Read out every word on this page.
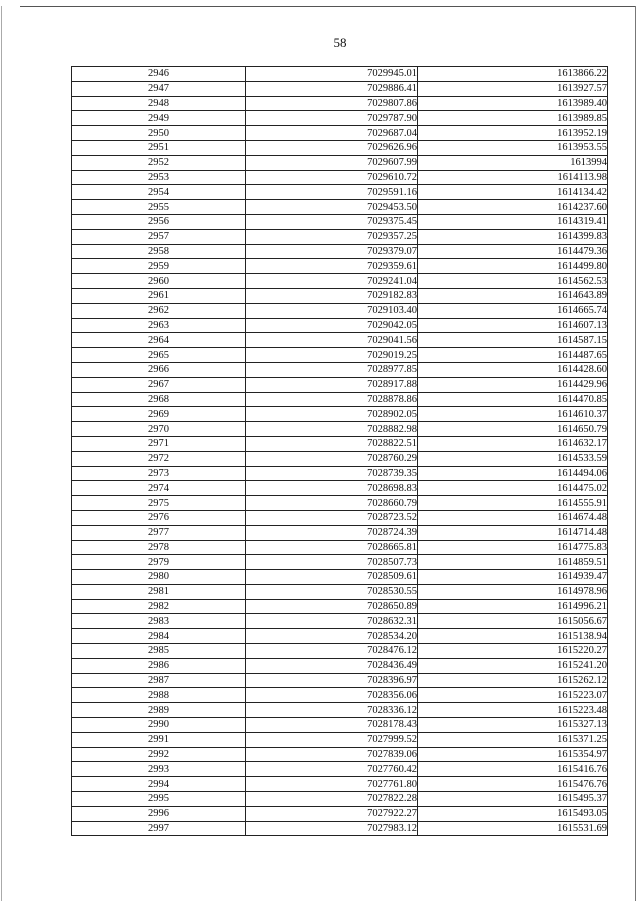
58
2946	7029945.01	1613866.22
2947	7029886.41	1613927.57
2948	7029807.86	1613989.40
2949	7029787.90	1613989.85
2950	7029687.04	1613952.19
2951	7029626.96	1613953.55
2952	7029607.99	1613994
2953	7029610.72	1614113.98
2954	7029591.16	1614134.42
2955	7029453.50	1614237.60
2956	7029375.45	1614319.41
2957	7029357.25	1614399.83
2958	7029379.07	1614479.36
2959	7029359.61	1614499.80
2960	7029241.04	1614562.53
2961	7029182.83	1614643.89
2962	7029103.40	1614665.74
2963	7029042.05	1614607.13
2964	7029041.56	1614587.15
2965	7029019.25	1614487.65
2966	7028977.85	1614428.60
2967	7028917.88	1614429.96
2968	7028878.86	1614470.85
2969	7028902.05	1614610.37
2970	7028882.98	1614650.79
2971	7028822.51	1614632.17
2972	7028760.29	1614533.59
2973	7028739.35	1614494.06
2974	7028698.83	1614475.02
2975	7028660.79	1614555.91
2976	7028723.52	1614674.48
2977	7028724.39	1614714.48
2978	7028665.81	1614775.83
2979	7028507.73	1614859.51
2980	7028509.61	1614939.47
2981	7028530.55	1614978.96
2982	7028650.89	1614996.21
2983	7028632.31	1615056.67
2984	7028534.20	1615138.94
2985	7028476.12	1615220.27
2986	7028436.49	1615241.20
2987	7028396.97	1615262.12
2988	7028356.06	1615223.07
2989	7028336.12	1615223.48
2990	7028178.43	1615327.13
2991	7027999.52	1615371.25
2992	7027839.06	1615354.97
2993	7027760.42	1615416.76
2994	7027761.80	1615476.76
2995	7027822.28	1615495.37
2996	7027922.27	1615493.05
2997	7027983.12	1615531.69
